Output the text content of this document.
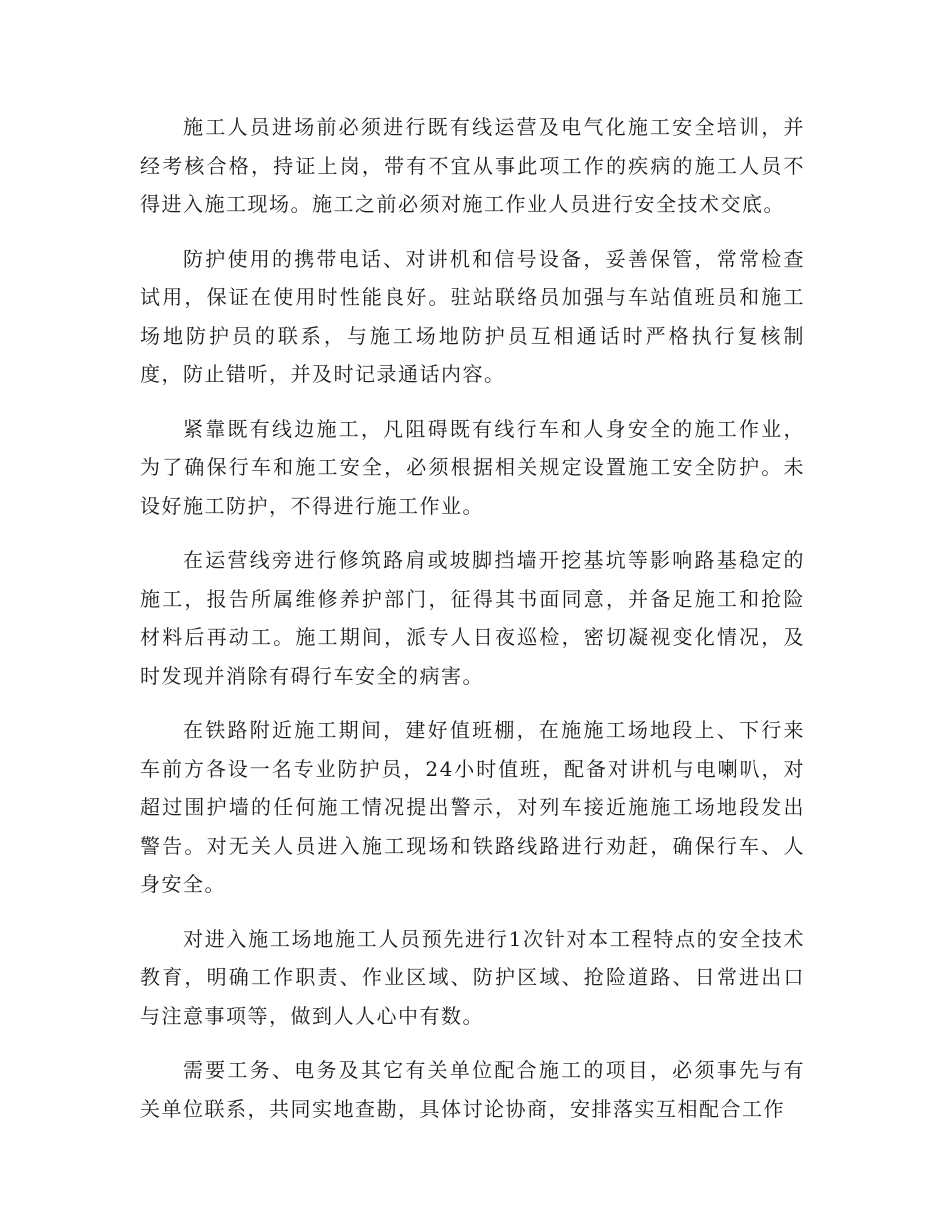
施工人员进场前必须进行既有线运营及电气化施工安全培训，并经考核合格，持证上岗，带有不宜从事此项工作的疾病的施工人员不得进入施工现场。施工之前必须对施工作业人员进行安全技术交底。

防护使用的携带电话、对讲机和信号设备，妥善保管，常常检查试用，保证在使用时性能良好。驻站联络员加强与车站值班员和施工场地防护员的联系，与施工场地防护员互相通话时严格执行复核制度，防止错听，并及时记录通话内容。

紧靠既有线边施工，凡阻碍既有线行车和人身安全的施工作业，为了确保行车和施工安全，必须根据相关规定设置施工安全防护。未设好施工防护，不得进行施工作业。

在运营线旁进行修筑路肩或坡脚挡墙开挖基坑等影响路基稳定的施工，报告所属维修养护部门，征得其书面同意，并备足施工和抢险材料后再动工。施工期间，派专人日夜巡检，密切凝视变化情况，及时发现并消除有碍行车安全的病害。

在铁路附近施工期间，建好值班棚，在施施工场地段上、下行来车前方各设一名专业防护员，24小时值班，配备对讲机与电喇叭，对超过围护墙的任何施工情况提出警示，对列车接近施施工场地段发出警告。对无关人员进入施工现场和铁路线路进行劝赶，确保行车、人身安全。

对进入施工场地施工人员预先进行1次针对本工程特点的安全技术教育，明确工作职责、作业区域、防护区域、抢险道路、日常进出口与注意事项等，做到人人心中有数。

需要工务、电务及其它有关单位配合施工的项目，必须事先与有关单位联系，共同实地查勘，具体讨论协商，安排落实互相配合工作
